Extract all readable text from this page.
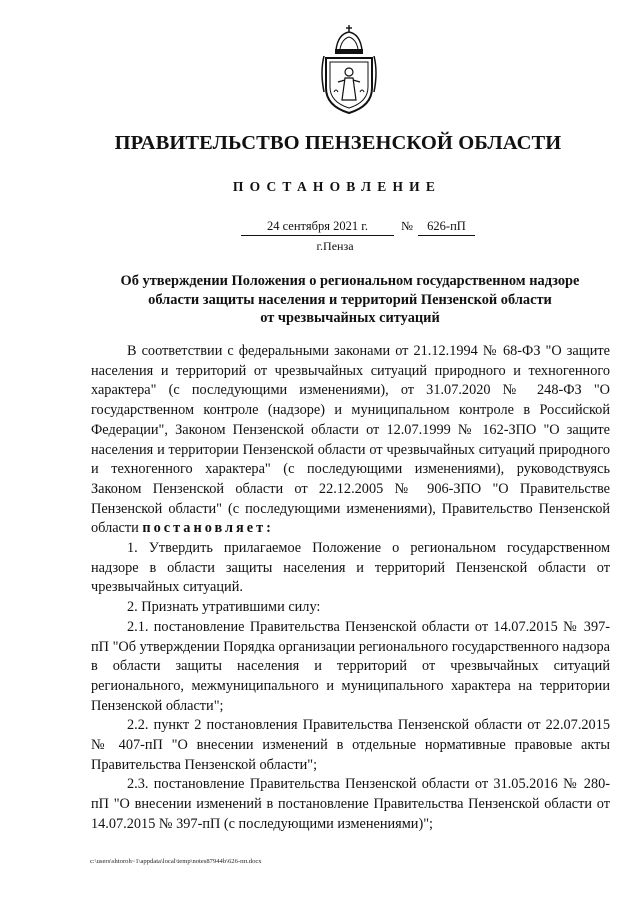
ПРАВИТЕЛЬСТВО ПЕНЗЕНСКОЙ ОБЛАСТИ
ПОСТАНОВЛЕНИЕ
24 сентября 2021 г.	№	626-пП
г.Пенза
Об утверждении Положения о региональном государственном надзоре
области защиты населения и территорий Пензенской области
от чрезвычайных ситуаций
В соответствии с федеральными законами от 21.12.1994 № 68-ФЗ "О защите населения и территорий от чрезвычайных ситуаций природного и техногенного характера" (с последующими изменениями), от 31.07.2020 № 248-ФЗ "О государственном контроле (надзоре) и муниципальном контроле в Российской Федерации", Законом Пензенской области от 12.07.1999 № 162-ЗПО "О защите населения и территории Пензенской области от чрезвычайных ситуаций природного и техногенного характера" (с последующими изменениями), руководствуясь Законом Пензенской области от 22.12.2005 № 906-ЗПО "О Правительстве Пензенской области" (с последующими изменениями), Правительство Пензенской области постановляет:
1. Утвердить прилагаемое Положение о региональном государственном надзоре в области защиты населения и территорий Пензенской области от чрезвычайных ситуаций.
2. Признать утратившими силу:
2.1. постановление Правительства Пензенской области от 14.07.2015 № 397-пП "Об утверждении Порядка организации регионального государственного надзора в области защиты населения и территорий от чрезвычайных ситуаций регионального, межмуниципального и муниципального характера на территории Пензенской области";
2.2. пункт 2 постановления Правительства Пензенской области от 22.07.2015 № 407-пП "О внесении изменений в отдельные нормативные правовые акты Правительства Пензенской области";
2.3. постановление Правительства Пензенской области от 31.05.2016 № 280-пП "О внесении изменений в постановление Правительства Пензенской области от 14.07.2015 № 397-пП (с последующими изменениями)";
c:\users\shtoroh~1\appdata\local\temp\notes87944b\626-пп.docx
